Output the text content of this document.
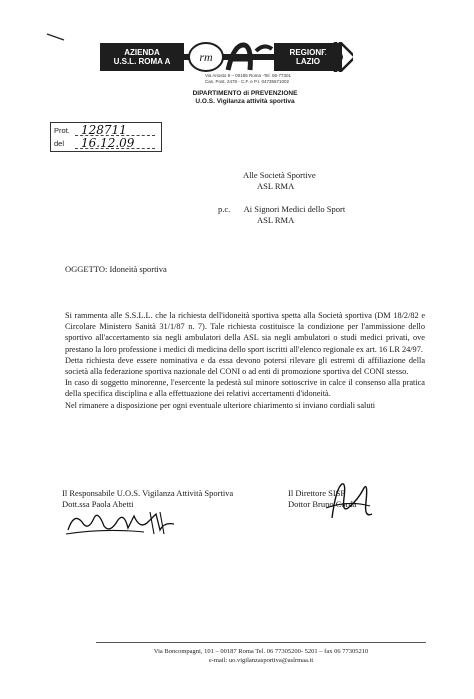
AZIENDA
U.S.L. ROMA A	rm	REGIONE
LAZIO
Via Ariosto 9 – 00185 Roma -Tel. 06-77301
Cas. Post. 2478 - C.F. e P.I. 04735671002
DIPARTIMENTO di PREVENZIONE
U.O.S. Vigilanza attività sportiva
Prot. 128711
del 16.12.09
Alle Società Sportive
ASL RMA
p.c. Ai Signori Medici dello Sport
ASL RMA
OGGETTO: Idoneità sportiva

Si rammenta alle S.S.L.L. che la richiesta dell'idoneità sportiva spetta alla Società sportiva (DM 18/2/82 e Circolare Ministero Sanità 31/1/87 n. 7). Tale richiesta costituisce la condizione per l'ammissione dello sportivo all'accertamento sia negli ambulatori della ASL sia negli ambulatori o studi medici privati, ove prestano la loro professione i medici di medicina dello sport iscritti all'elenco regionale ex art. 16 LR 24/97.

Detta richiesta deve essere nominativa e da essa devono potersi rilevare gli estremi di affiliazione della società alla federazione sportiva nazionale del CONI o ad enti di promozione sportiva del CONI stesso.

In caso di soggetto minorenne, l'esercente la pedestà sul minore sottoscrive in calce il consenso alla pratica della specifica disciplina e alla effettuazione dei relativi accertamenti d'idoneità.

Nel rimanere a disposizione per ogni eventuale ulteriore chiarimento si inviano cordiali saluti

Il Responsabile U.O.S. Vigilanza Attività Sportiva
Dott.ssa Paola Abetti
Il Direttore SISP
Dottor Bruno Corda
Via Boncompagni, 101 – 00187 Roma Tel. 06 77305200- 5201 – fax 06 77305210
e-mail: uo.vigilanzasportiva@aslrmaa.it
